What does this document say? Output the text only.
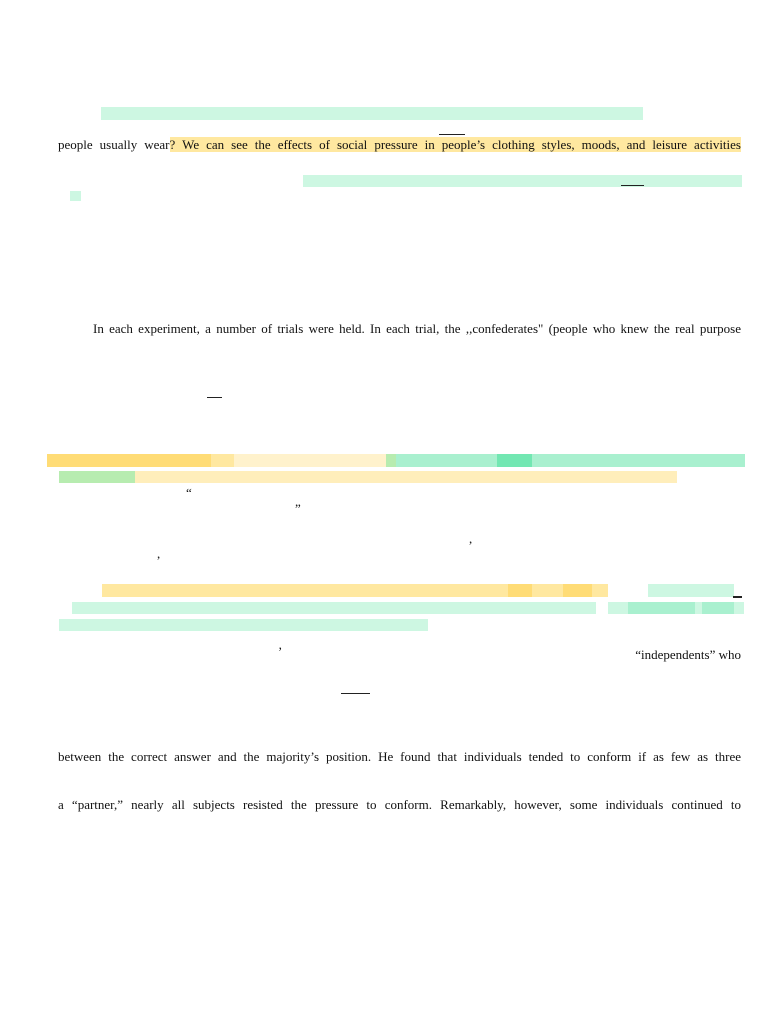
people usually wear? We can see the effects of social pressure in people’s clothing styles, moods, and leisure activities
In each experiment, a number of trials were held. In each trial, the ,,confederates" (people who knew the real purpose
“
”
,
,
’	“independents” who
between the correct answer and the majority’s position. He found that individuals tended to conform if as few as three
a “partner,” nearly all subjects resisted the pressure to conform. Remarkably, however, some individuals continued to
